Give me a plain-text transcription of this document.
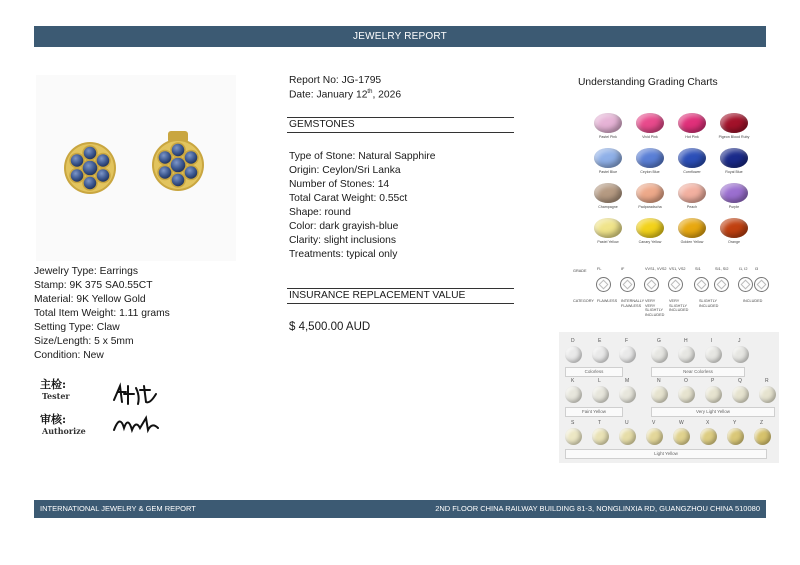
JEWELRY REPORT
Jewelry Type: Earrings
Stamp: 9K 375 SA0.55CT
Material: 9K Yellow Gold
Total Item Weight: 1.11 grams
Setting Type: Claw
Size/Length: 5 x 5mm
Condition: New
主检:
Tester
审核:
Authorize
Report No: JG-1795
Date: January 12th, 2026
GEMSTONES
Type of Stone: Natural Sapphire
Origin: Ceylon/Sri Lanka
Number of Stones: 14
Total Carat Weight: 0.55ct
Shape: round
Color: dark grayish-blue
Clarity: slight inclusions
Treatments: typical only
INSURANCE REPLACEMENT VALUE
$ 4,500.00 AUD
Understanding Grading Charts
Pastel Pink	Vivid Pink	Hot Pink	Pigeon Blood Ruby
Pastel Blue	Ceylon Blue	Cornflower	Royal Blue
Champagne	Padparadscha	Peach	Purple
Pastel Yellow	Canary Yellow	Golden Yellow	Orange
GRADE
CATEGORY
FL	IF	VVS1, VVS2 VS1, VS2	SI1	SI1, SI2	I1, I2 I3
FLAWLESS INTERNALLY FLAWLESS
VERY VERY SLIGHTLY INCLUDED
VERY SLIGHTLY INCLUDED
SLIGHTLY INCLUDED
INCLUDED
D	E	F
Colorless
G	H	I	J
Near Colorless
K	L	M
Faint Yellow
N	O	P	Q	R
Very Light Yellow
S	T	U	V	W	X	Y	Z
Light Yellow
INTERNATIONAL JEWELRY & GEM REPORT	2ND FLOOR CHINA RAILWAY BUILDING 81-3, NONGLINXIA RD, GUANGZHOU CHINA 510080
